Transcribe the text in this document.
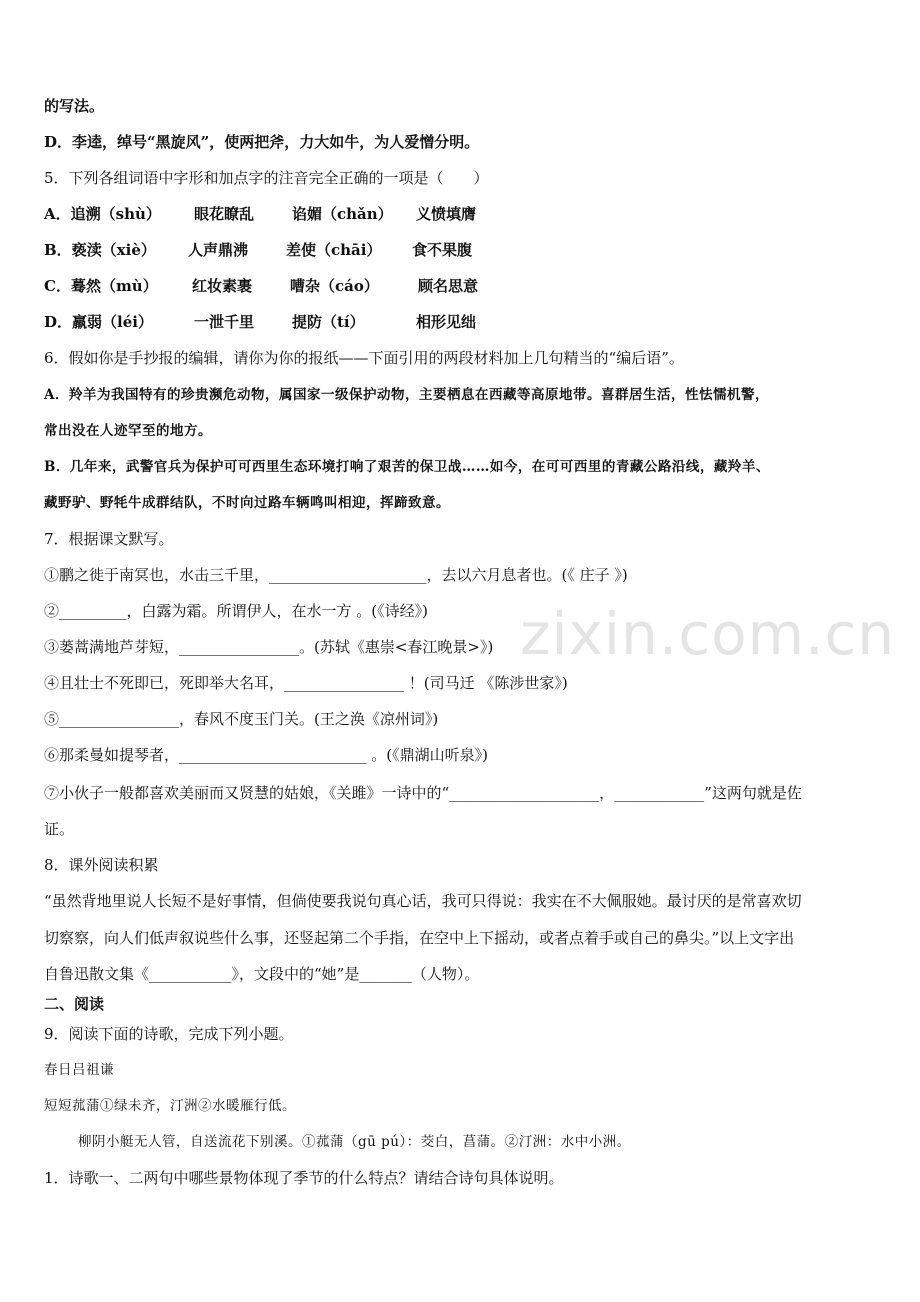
zixin.com.cn
的写法。
D．李逵，绰号“黑旋风”，使两把斧，力大如牛，为人爱憎分明。
5．下列各组词语中字形和加点字的注音完全正确的一项是（　　）
A．追溯（shù） 眼花瞭乱	谄媚（chǎn） 义愤填膺
B．亵渎（xiè） 人声鼎沸	差使（chāi） 食不果腹
C．蓦然（mù） 红妆素裹	嘈杂（cáo）	顾名思意
D．羸弱（léi）	一泄千里	提防（tí）	相形见绌
6．假如你是手抄报的编辑，请你为你的报纸——下面引用的两段材料加上几句精当的“编后语”。
A．羚羊为我国特有的珍贵濒危动物，属国家一级保护动物，主要栖息在西藏等高原地带。喜群居生活，性怯懦机警，
常出没在人迹罕至的地方。
B．几年来，武警官兵为保护可可西里生态环境打响了艰苦的保卫战……如今，在可可西里的青藏公路沿线，藏羚羊、
藏野驴、野牦牛成群结队，不时向过路车辆鸣叫相迎，挥蹄致意。
7．根据课文默写。
①鹏之徙于南冥也，水击三千里，_____________________，去以六月息者也。(《 庄子 》)
②_________，白露为霜。所谓伊人，在水一方 。(《诗经》)
③蒌蒿满地芦芽短，________________。(苏轼《惠崇<春江晚景>》)
④且壮士不死即已，死即举大名耳，________________ ！(司马迁 《陈涉世家》)
⑤________________，春风不度玉门关。(王之涣《凉州词》)
⑥那柔曼如提琴者，_________________________ 。(《鼎湖山听泉》)
⑦小伙子一般都喜欢美丽而又贤慧的姑娘，《关雎》一诗中的“____________________，____________”这两句就是佐
证。
8．课外阅读积累
“虽然背地里说人长短不是好事情，但倘使要我说句真心话，我可只得说：我实在不大佩服她。最讨厌的是常喜欢切
切察察，向人们低声叙说些什么事，还竖起第二个手指，在空中上下摇动，或者点着手或自己的鼻尖。”以上文字出
自鲁迅散文集《___________》，文段中的“她”是_______（人物）。
二、阅读
9．阅读下面的诗歌，完成下列小题。
春日吕祖谦
短短菰蒲①绿未齐，汀洲②水暖雁行低。
柳阴小艇无人管，自送流花下别溪。①菰蒲（gū pú）：茭白，菖蒲。②汀洲：水中小洲。
1．诗歌一、二两句中哪些景物体现了季节的什么特点？请结合诗句具体说明。
